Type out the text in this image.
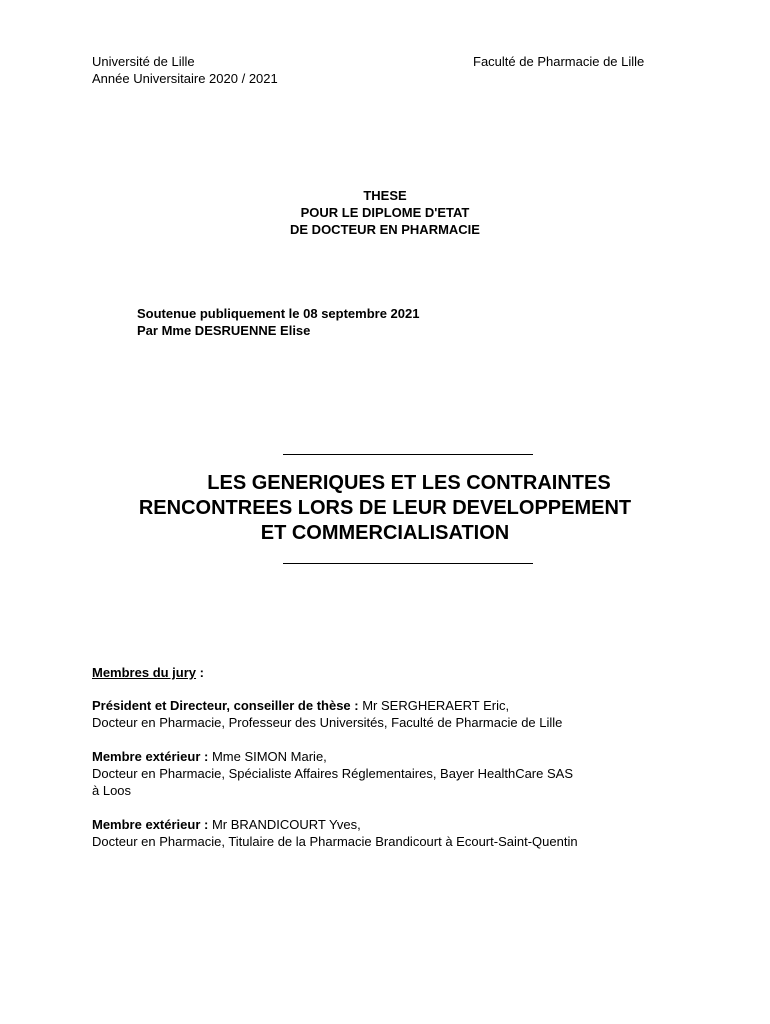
Université de Lille
Année Universitaire 2020 / 2021
Faculté de Pharmacie de Lille
THESE
POUR LE DIPLOME D'ETAT
DE DOCTEUR EN PHARMACIE
Soutenue publiquement le 08 septembre 2021
Par Mme DESRUENNE Elise
LES GENERIQUES ET LES CONTRAINTES
RENCONTREES LORS DE LEUR DEVELOPPEMENT
ET COMMERCIALISATION
Membres du jury :
Président et Directeur, conseiller de thèse : Mr SERGHERAERT Eric,
Docteur en Pharmacie, Professeur des Universités, Faculté de Pharmacie de Lille
Membre extérieur : Mme SIMON Marie,
Docteur en Pharmacie, Spécialiste Affaires Réglementaires, Bayer HealthCare SAS
à Loos
Membre extérieur : Mr BRANDICOURT Yves,
Docteur en Pharmacie, Titulaire de la Pharmacie Brandicourt à Ecourt-Saint-Quentin
